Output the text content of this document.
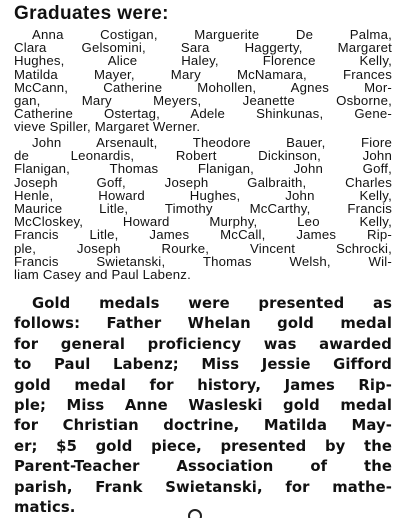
Graduates were:
Anna Costigan, Marguerite De Palma,
Clara Gelsomini, Sara Haggerty, Margaret
Hughes, Alice Haley, Florence Kelly,
Matilda Mayer, Mary McNamara, Frances
McCann, Catherine Mohollen, Agnes Mor-
gan, Mary Meyers, Jeanette Osborne,
Catherine Ostertag, Adele Shinkunas, Gene-
vieve Spiller, Margaret Werner.
John Arsenault, Theodore Bauer, Fiore
de Leonardis, Robert Dickinson, John
Flanigan, Thomas Flanigan, John Goff,
Joseph Goff, Joseph Galbraith, Charles
Henle, Howard Hughes, John Kelly,
Maurice Litle, Timothy McCarthy, Francis
McCloskey, Howard Murphy, Leo Kelly,
Francis Litle, James McCall, James Rip-
ple, Joseph Rourke, Vincent Schrocki,
Francis Swietanski, Thomas Welsh, Wil-
liam Casey and Paul Labenz.
Gold medals were presented as
follows: Father Whelan gold medal
for general proficiency was awarded
to Paul Labenz; Miss Jessie Gifford
gold medal for history, James Rip-
ple; Miss Anne Wasleski gold medal
for Christian doctrine, Matilda May-
er; $5 gold piece, presented by the
Parent-Teacher Association of the
parish, Frank Swietanski, for mathe-
matics.
